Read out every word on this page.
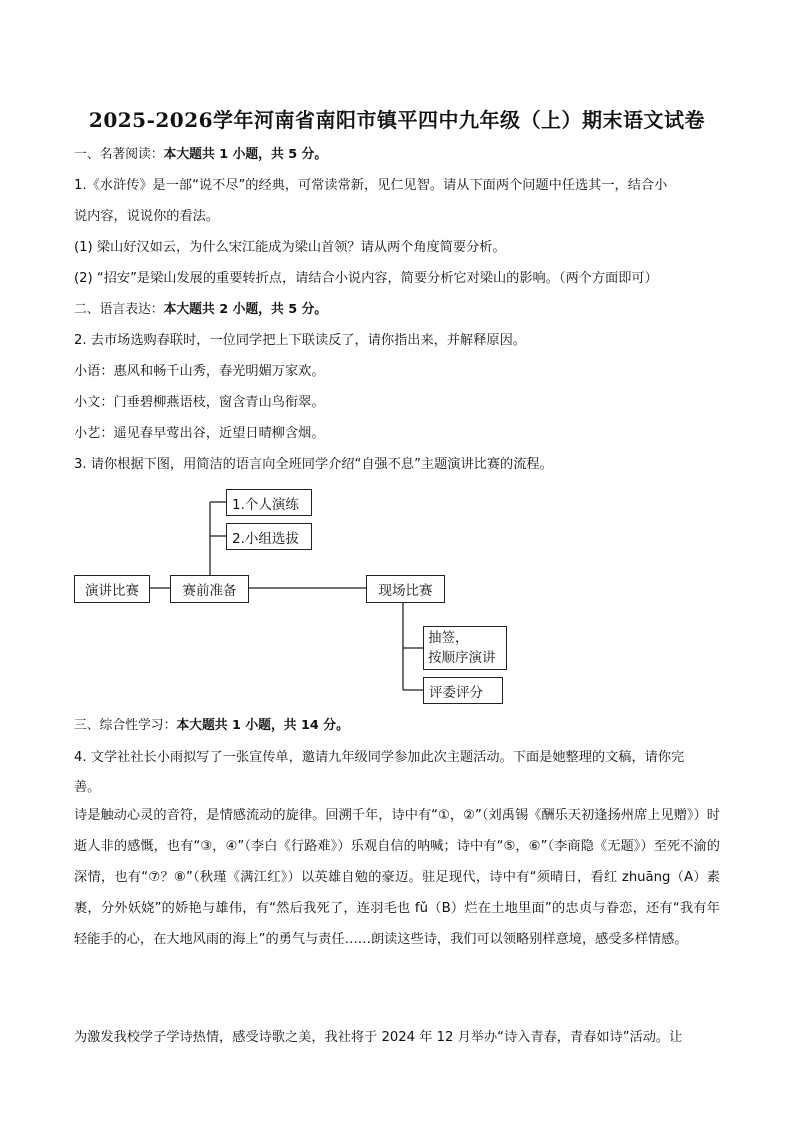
2025-2026学年河南省南阳市镇平四中九年级（上）期末语文试卷
一、名著阅读：本大题共 1 小题，共 5 分。
1.《水浒传》是一部“说不尽”的经典，可常读常新，见仁见智。请从下面两个问题中任选其一，结合小
说内容，说说你的看法。
(1) 梁山好汉如云，为什么宋江能成为梁山首领？请从两个角度简要分析。
(2) “招安”是梁山发展的重要转折点，请结合小说内容，简要分析它对梁山的影响。（两个方面即可）
二、语言表达：本大题共 2 小题，共 5 分。
2. 去市场选购春联时，一位同学把上下联读反了，请你指出来，并解释原因。
小语：惠风和畅千山秀，春光明媚万家欢。
小文：门垂碧柳燕语枝，窗含青山鸟衔翠。
小艺：遥见春早莺出谷，近望日晴柳含烟。
3. 请你根据下图，用简洁的语言向全班同学介绍“自强不息”主题演讲比赛的流程。
演讲比赛	赛前准备
1.个人演练
2.小组选拔
现场比赛
抽签，
按顺序演讲
评委评分
三、综合性学习：本大题共 1 小题，共 14 分。
4. 文学社社长小雨拟写了一张宣传单，邀请九年级同学参加此次主题活动。下面是她整理的文稿，请你完
善。
诗是触动心灵的音符，是情感流动的旋律。回溯千年，诗中有“①，②”（刘禹锡《酬乐天初逢扬州席上见赠》）时逝人非的感慨，也有“③，④”（李白《行路难》）乐观自信的呐喊；诗中有“⑤，⑥”（李商隐《无题》）至死不渝的深情，也有“⑦？⑧”（秋瑾《满江红》）以英雄自勉的豪迈。驻足现代，诗中有“须晴日，看红 zhuāng（A）素裹，分外妖娆”的娇艳与雄伟，有“然后我死了，连羽毛也 fǔ（B）烂在土地里面”的忠贞与眷恋，还有“我有年轻能手的心，在大地风雨的海上”的勇气与责任……朗读这些诗，我们可以领略别样意境，感受多样情感。
为激发我校学子学诗热情，感受诗歌之美，我社将于 2024 年 12 月举办“诗入青春，青春如诗”活动。让
